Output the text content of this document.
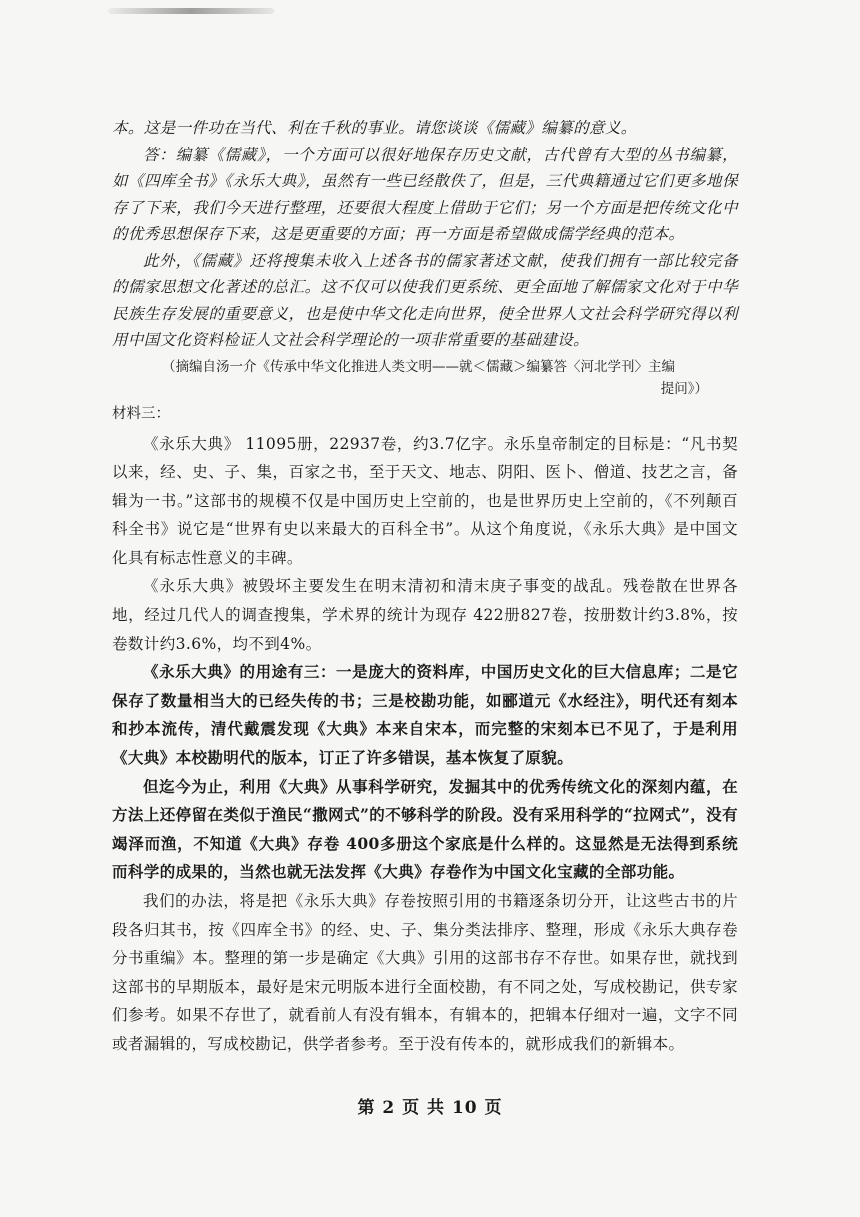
本。这是一件功在当代、利在千秋的事业。请您谈谈《儒藏》编纂的意义。

答：编纂《儒藏》，一个方面可以很好地保存历史文献，古代曾有大型的丛书编纂，如《四库全书》《永乐大典》，虽然有一些已经散佚了，但是，三代典籍通过它们更多地保存了下来，我们今天进行整理，还要很大程度上借助于它们；另一个方面是把传统文化中的优秀思想保存下来，这是更重要的方面；再一方面是希望做成儒学经典的范本。

此外，《儒藏》还将搜集未收入上述各书的儒家著述文献，使我们拥有一部比较完备的儒家思想文化著述的总汇。这不仅可以使我们更系统、更全面地了解儒家文化对于中华民族生存发展的重要意义，也是使中华文化走向世界，使全世界人文社会科学研究得以利用中国文化资料检证人文社会科学理论的一项非常重要的基础建设。

（摘编自汤一介《传承中华文化推进人类文明——就＜儒藏＞编纂答〈河北学刊〉主编
提问》）

材料三：

《永乐大典》 11095册，22937卷，约3.7亿字。永乐皇帝制定的目标是：“凡书契以来，经、史、子、集，百家之书，至于天文、地志、阴阳、医卜、僧道、技艺之言，备辑为一书。”这部书的规模不仅是中国历史上空前的，也是世界历史上空前的，《不列颠百科全书》说它是“世界有史以来最大的百科全书”。从这个角度说，《永乐大典》是中国文化具有标志性意义的丰碑。

《永乐大典》被毁坏主要发生在明末清初和清末庚子事变的战乱。残卷散在世界各地，经过几代人的调查搜集，学术界的统计为现存 422册827卷，按册数计约3.8%，按卷数计约3.6%，均不到4%。

《永乐大典》的用途有三：一是庞大的资料库，中国历史文化的巨大信息库；二是它保存了数量相当大的已经失传的书；三是校勘功能，如郦道元《水经注》，明代还有刻本和抄本流传，清代戴震发现《大典》本来自宋本，而完整的宋刻本已不见了，于是利用《大典》本校勘明代的版本，订正了许多错误，基本恢复了原貌。

但迄今为止，利用《大典》从事科学研究，发掘其中的优秀传统文化的深刻内蕴，在方法上还停留在类似于渔民“撒网式”的不够科学的阶段。没有采用科学的“拉网式”，没有竭泽而渔，不知道《大典》存卷 400多册这个家底是什么样的。这显然是无法得到系统而科学的成果的，当然也就无法发挥《大典》存卷作为中国文化宝藏的全部功能。

我们的办法，将是把《永乐大典》存卷按照引用的书籍逐条切分开，让这些古书的片段各归其书，按《四库全书》的经、史、子、集分类法排序、整理，形成《永乐大典存卷分书重编》本。整理的第一步是确定《大典》引用的这部书存不存世。如果存世，就找到这部书的早期版本，最好是宋元明版本进行全面校勘，有不同之处，写成校勘记，供专家们参考。如果不存世了，就看前人有没有辑本，有辑本的，把辑本仔细对一遍，文字不同或者漏辑的，写成校勘记，供学者参考。至于没有传本的，就形成我们的新辑本。

第 2 页 共 10 页
